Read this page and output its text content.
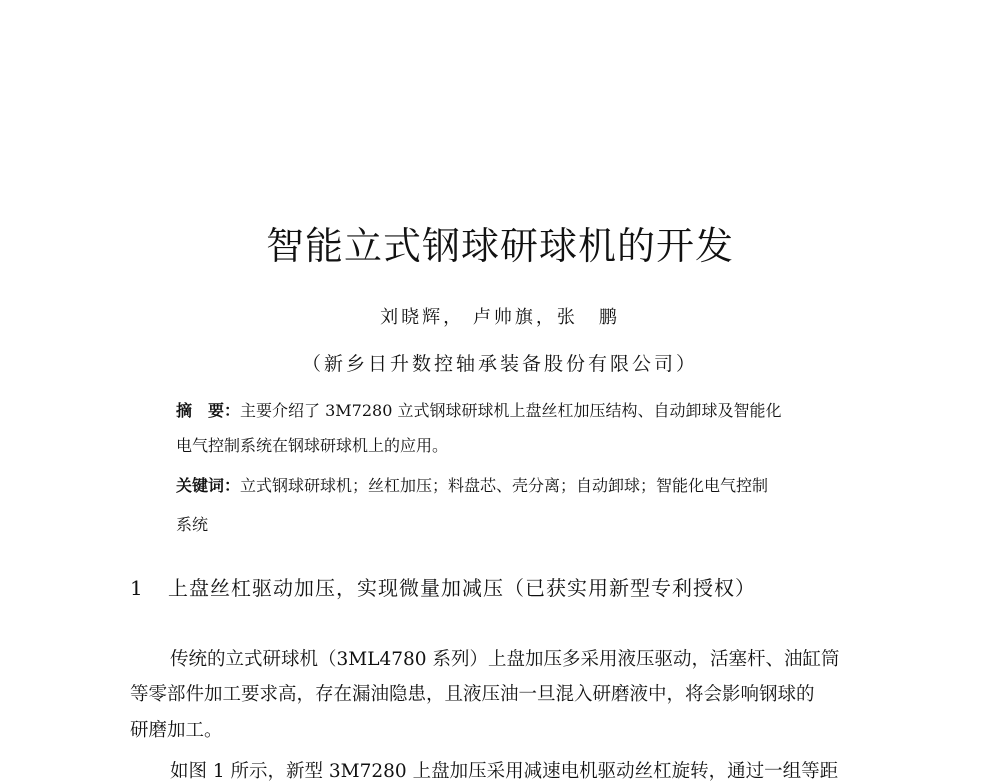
智能立式钢球研球机的开发
刘晓辉， 卢帅旗，张　鹏
（新乡日升数控轴承装备股份有限公司）
摘　要：主要介绍了 3M7280 立式钢球研球机上盘丝杠加压结构、自动卸球及智能化
电气控制系统在钢球研球机上的应用。
关键词：立式钢球研球机；丝杠加压；料盘芯、壳分离；自动卸球；智能化电气控制
系统
1 上盘丝杠驱动加压，实现微量加减压（已获实用新型专利授权）
传统的立式研球机（3ML4780 系列）上盘加压多采用液压驱动，活塞杆、油缸筒
等零部件加工要求高，存在漏油隐患，且液压油一旦混入研磨液中，将会影响钢球的
研磨加工。
如图 1 所示，新型 3M7280 上盘加压采用减速电机驱动丝杠旋转，通过一组等距
